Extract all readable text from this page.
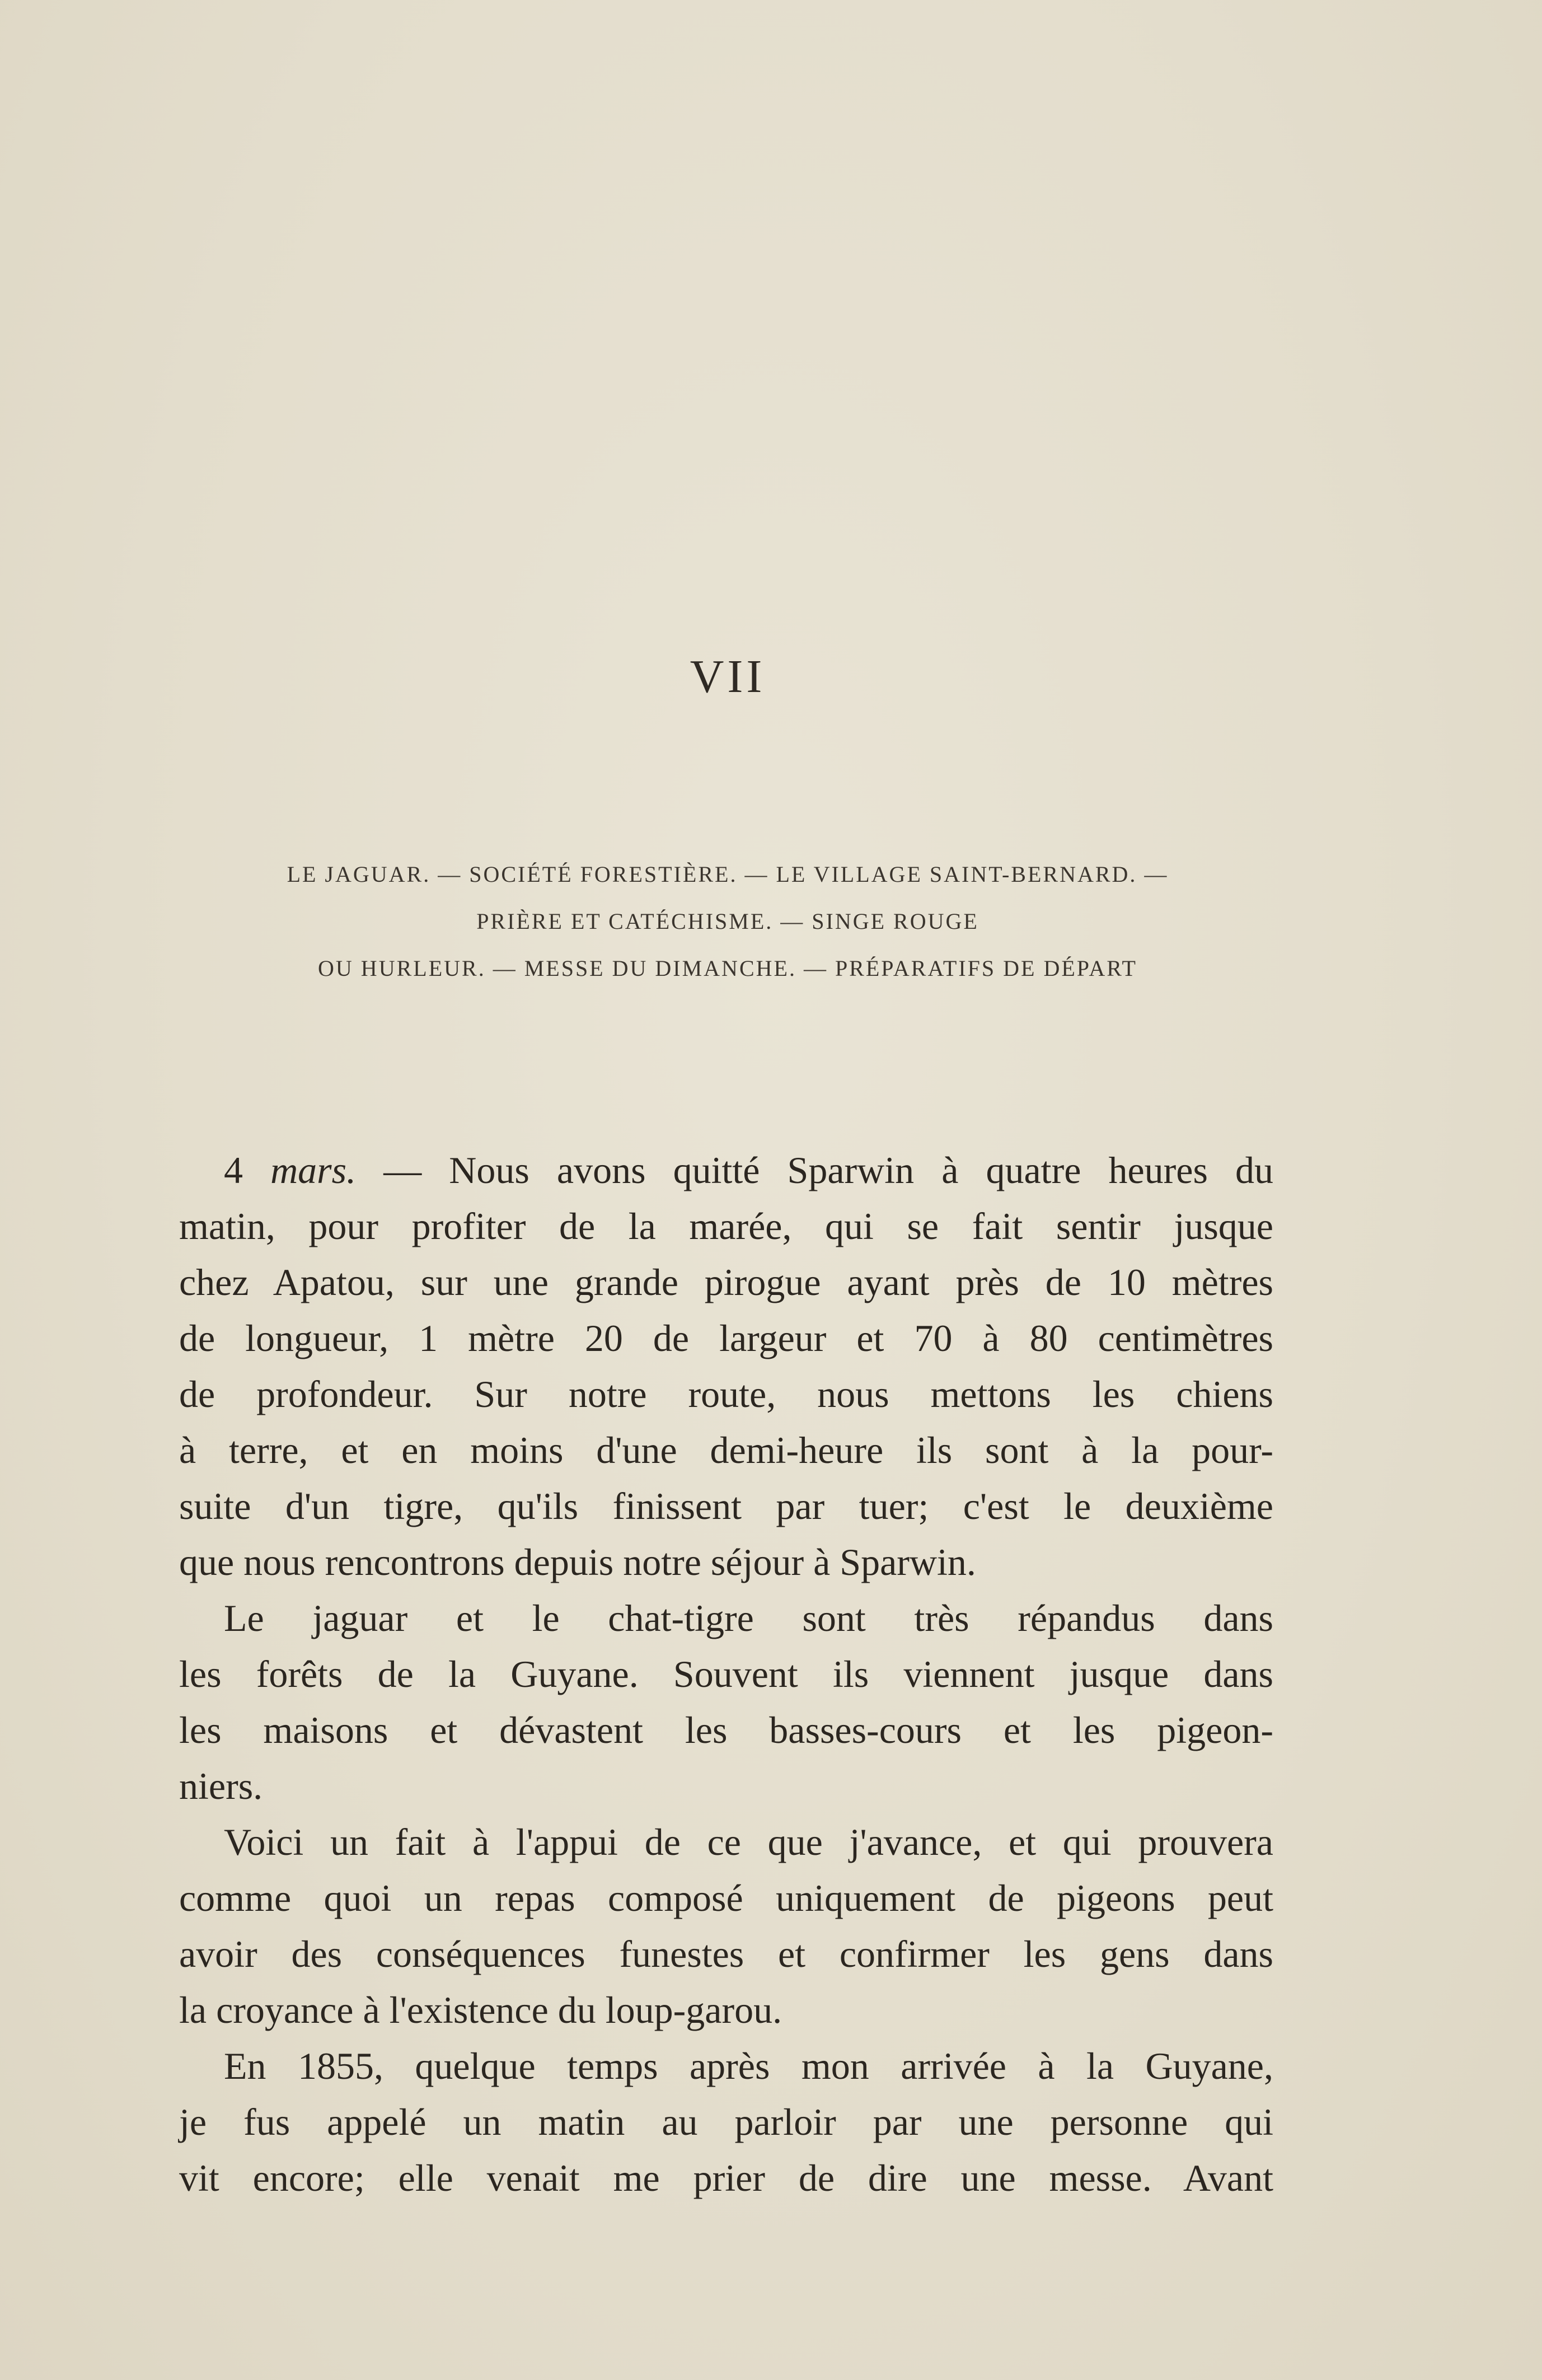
VII
LE JAGUAR. — SOCIÉTÉ FORESTIÈRE. — LE VILLAGE SAINT-BERNARD. —
PRIÈRE ET CATÉCHISME. — SINGE ROUGE
OU HURLEUR. — MESSE DU DIMANCHE. — PRÉPARATIFS DE DÉPART
4 mars. — Nous avons quitté Sparwin à quatre heures du
matin, pour profiter de la marée, qui se fait sentir jusque
chez Apatou, sur une grande pirogue ayant près de 10 mètres
de longueur, 1 mètre 20 de largeur et 70 à 80 centimètres
de profondeur. Sur notre route, nous mettons les chiens
à terre, et en moins d'une demi-heure ils sont à la pour-
suite d'un tigre, qu'ils finissent par tuer; c'est le deuxième
que nous rencontrons depuis notre séjour à Sparwin.
Le jaguar et le chat-tigre sont très répandus dans
les forêts de la Guyane. Souvent ils viennent jusque dans
les maisons et dévastent les basses-cours et les pigeon-
niers.
Voici un fait à l'appui de ce que j'avance, et qui prouvera
comme quoi un repas composé uniquement de pigeons peut
avoir des conséquences funestes et confirmer les gens dans
la croyance à l'existence du loup-garou.
En 1855, quelque temps après mon arrivée à la Guyane,
je fus appelé un matin au parloir par une personne qui
vit encore; elle venait me prier de dire une messe. Avant
